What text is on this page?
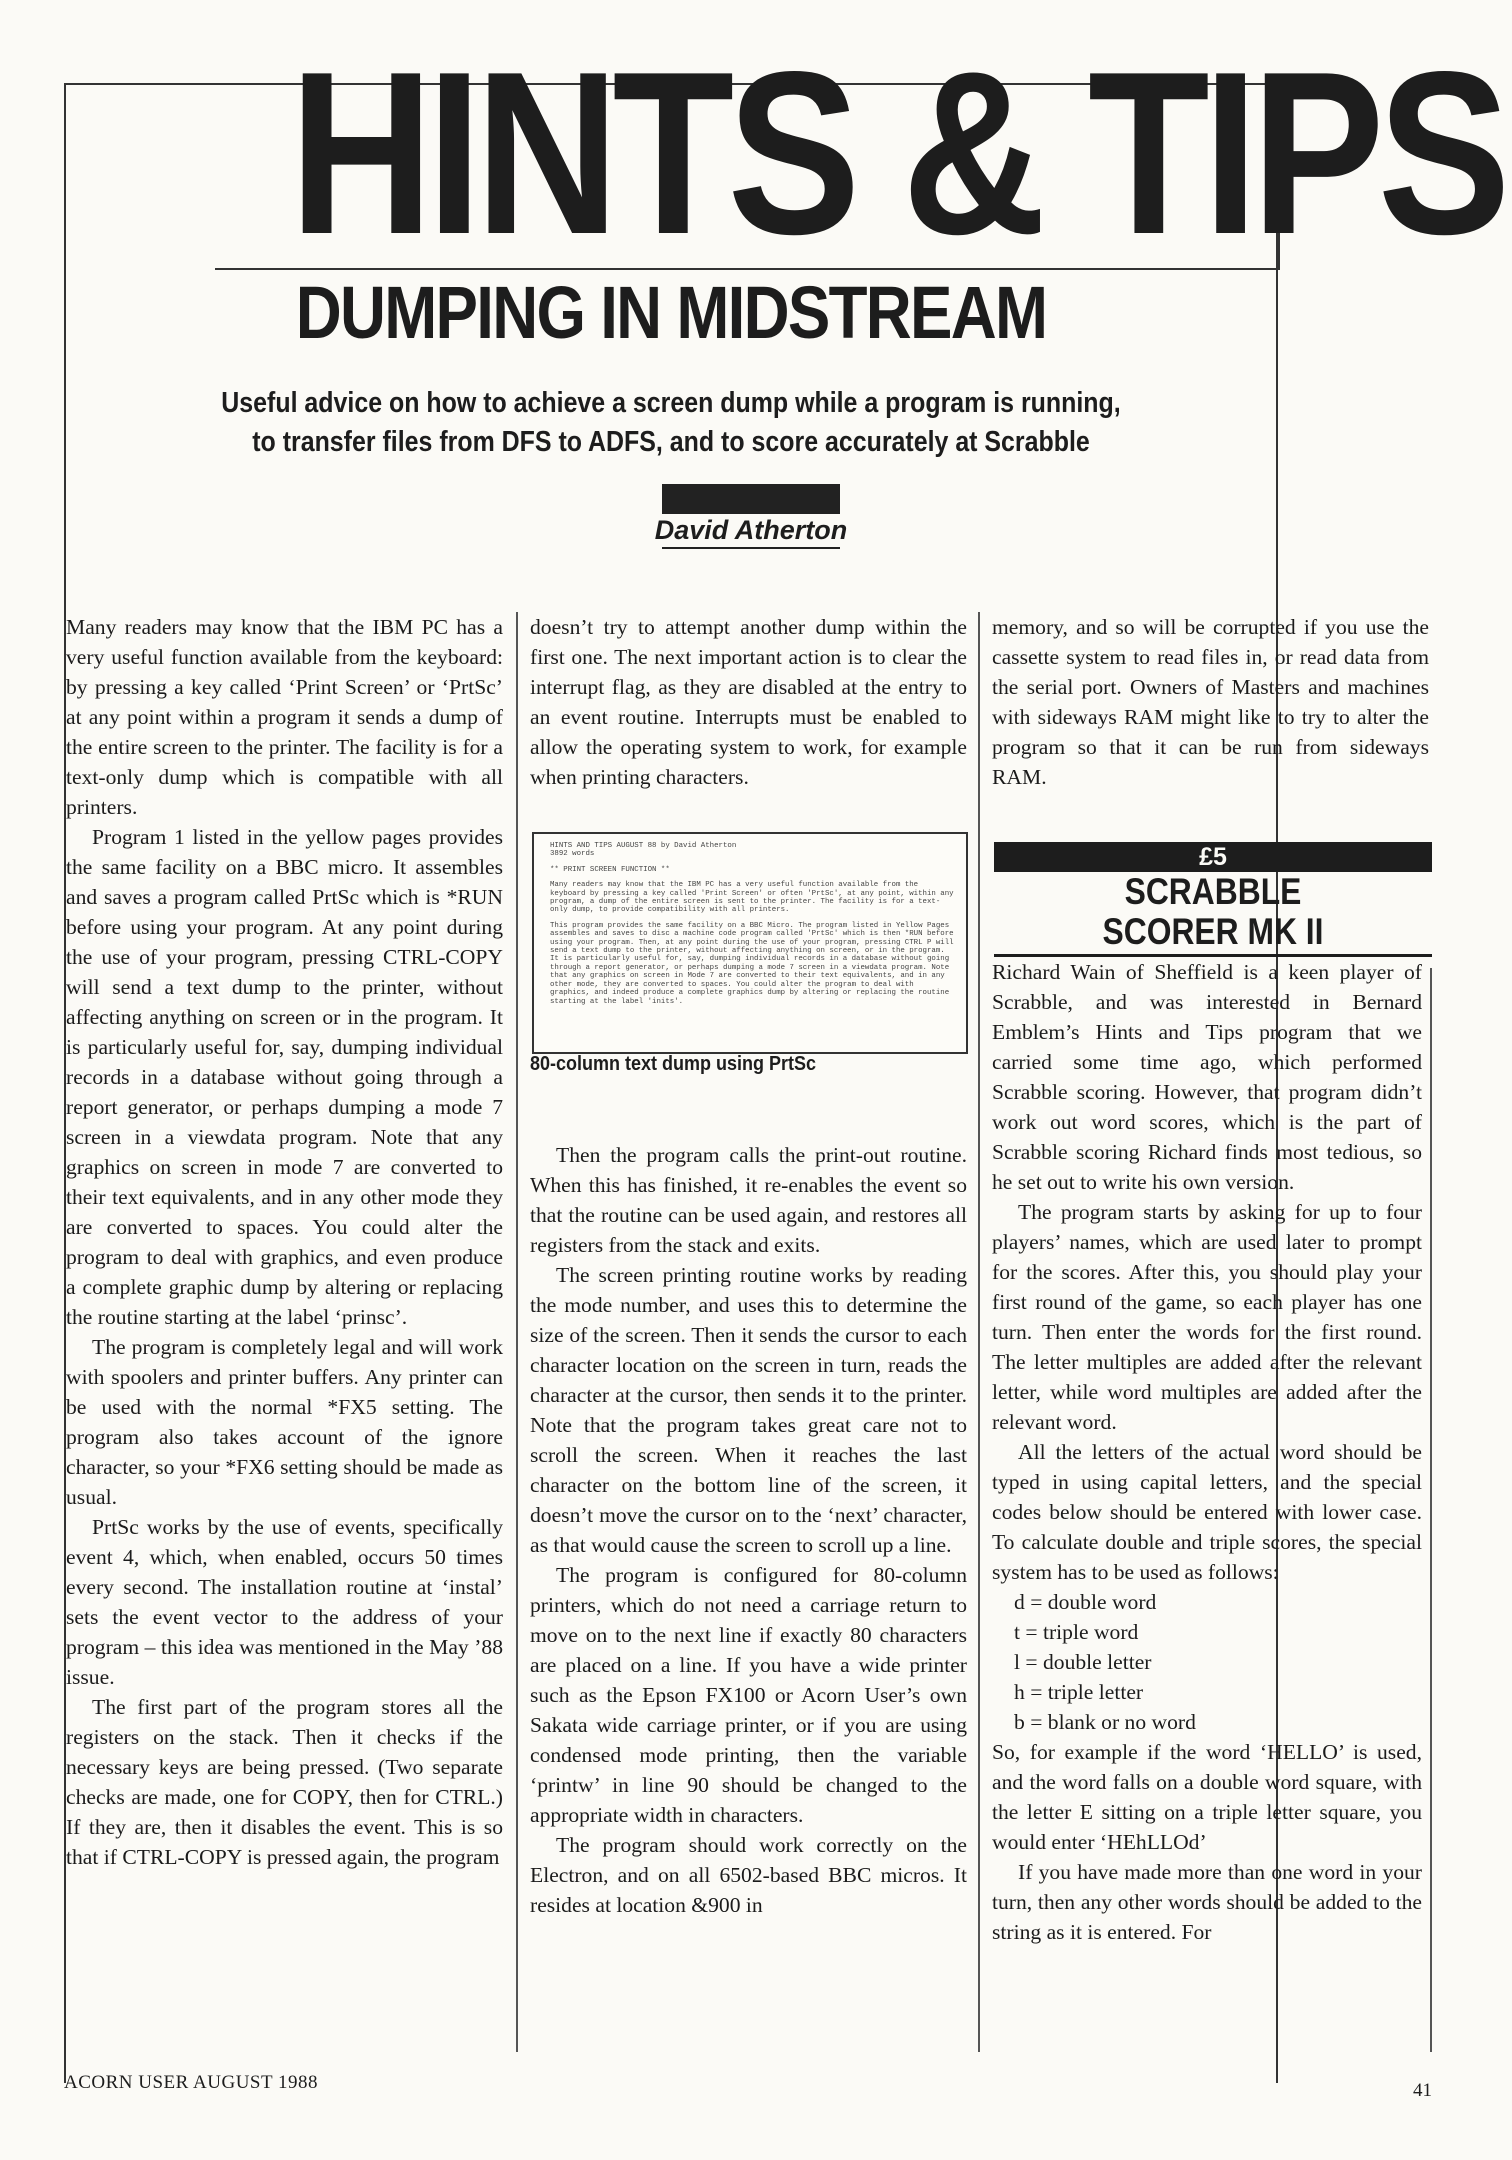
HINTS & TIPS
DUMPING IN MIDSTREAM
Useful advice on how to achieve a screen dump while a program is running,
to transfer files from DFS to ADFS, and to score accurately at Scrabble
David Atherton

Many readers may know that the IBM PC has a very useful function available from the keyboard: by pressing a key called ‘Print Screen’ or ‘PrtSc’ at any point within a program it sends a dump of the entire screen to the printer. The facility is for a text-only dump which is compatible with all printers.

Program 1 listed in the yellow pages provides the same facility on a BBC micro. It assembles and saves a program called PrtSc which is *RUN before using your program. At any point during the use of your program, pressing CTRL-COPY will send a text dump to the printer, without affecting anything on screen or in the program. It is particularly useful for, say, dumping individual records in a database without going through a report generator, or perhaps dumping a mode 7 screen in a viewdata program. Note that any graphics on screen in mode 7 are converted to their text equivalents, and in any other mode they are converted to spaces. You could alter the program to deal with graphics, and even produce a complete graphic dump by altering or replacing the routine starting at the label ‘prinsc’.

The program is completely legal and will work with spoolers and printer buffers. Any printer can be used with the normal *FX5 setting. The program also takes account of the ignore character, so your *FX6 setting should be made as usual.

PrtSc works by the use of events, specifically event 4, which, when enabled, occurs 50 times every second. The installation routine at ‘instal’ sets the event vector to the address of your program – this idea was mentioned in the May ’88 issue.

The first part of the program stores all the registers on the stack. Then it checks if the necessary keys are being pressed. (Two separate checks are made, one for COPY, then for CTRL.) If they are, then it disables the event. This is so that if CTRL-COPY is pressed again, the program

doesn’t try to attempt another dump within the first one. The next important action is to clear the interrupt flag, as they are disabled at the entry to an event routine. Interrupts must be enabled to allow the operating system to work, for example when printing characters.

HINTS AND TIPS AUGUST 88 by David Atherton
3892 words
** PRINT SCREEN FUNCTION **
Many readers may know that the IBM PC has a very useful function available from the keyboard by pressing a key called 'Print Screen' or often 'PrtSc', at any point, within any program, a dump of the entire screen is sent to the printer. The facility is for a text-only dump, to provide compatibility with all printers.
This program provides the same facility on a BBC Micro. The program listed in Yellow Pages assembles and saves to disc a machine code program called 'PrtSc' which is then *RUN before using your program. Then, at any point during the use of your program, pressing CTRL P will send a text dump to the printer, without affecting anything on screen, or in the program. It is particularly useful for, say, dumping individual records in a database without going through a report generator, or perhaps dumping a mode 7 screen in a viewdata program. Note that any graphics on screen in Mode 7 are converted to their text equivalents, and in any other mode, they are converted to spaces. You could alter the program to deal with graphics, and indeed produce a complete graphics dump by altering or replacing the routine starting at the label 'inits'.
80-column text dump using PrtSc

Then the program calls the print-out routine. When this has finished, it re-enables the event so that the routine can be used again, and restores all registers from the stack and exits.

The screen printing routine works by reading the mode number, and uses this to determine the size of the screen. Then it sends the cursor to each character location on the screen in turn, reads the character at the cursor, then sends it to the printer. Note that the program takes great care not to scroll the screen. When it reaches the last character on the bottom line of the screen, it doesn’t move the cursor on to the ‘next’ character, as that would cause the screen to scroll up a line.

The program is configured for 80-column printers, which do not need a carriage return to move on to the next line if exactly 80 characters are placed on a line. If you have a wide printer such as the Epson FX100 or Acorn User’s own Sakata wide carriage printer, or if you are using condensed mode printing, then the variable ‘printw’ in line 90 should be changed to the appropriate width in characters.

The program should work correctly on the Electron, and on all 6502-based BBC micros. It resides at location &900 in

memory, and so will be corrupted if you use the cassette system to read files in, or read data from the serial port. Owners of Masters and machines with sideways RAM might like to try to alter the program so that it can be run from sideways RAM.

£5
SCRABBLE
SCORER MK II

Richard Wain of Sheffield is a keen player of Scrabble, and was interested in Bernard Emblem’s Hints and Tips program that we carried some time ago, which performed Scrabble scoring. However, that program didn’t work out word scores, which is the part of Scrabble scoring Richard finds most tedious, so he set out to write his own version.

The program starts by asking for up to four players’ names, which are used later to prompt for the scores. After this, you should play your first round of the game, so each player has one turn. Then enter the words for the first round. The letter multiples are added after the relevant letter, while word multiples are added after the relevant word.

All the letters of the actual word should be typed in using capital letters, and the special codes below should be entered with lower case. To calculate double and triple scores, the special system has to be used as follows:

d = double word
t = triple word
l = double letter
h = triple letter
b = blank or no word

So, for example if the word ‘HELLO’ is used, and the word falls on a double word square, with the letter E sitting on a triple letter square, you would enter ‘HEhLLOd’

If you have made more than one word in your turn, then any other words should be added to the string as it is entered. For

ACORN USER AUGUST 1988	41
